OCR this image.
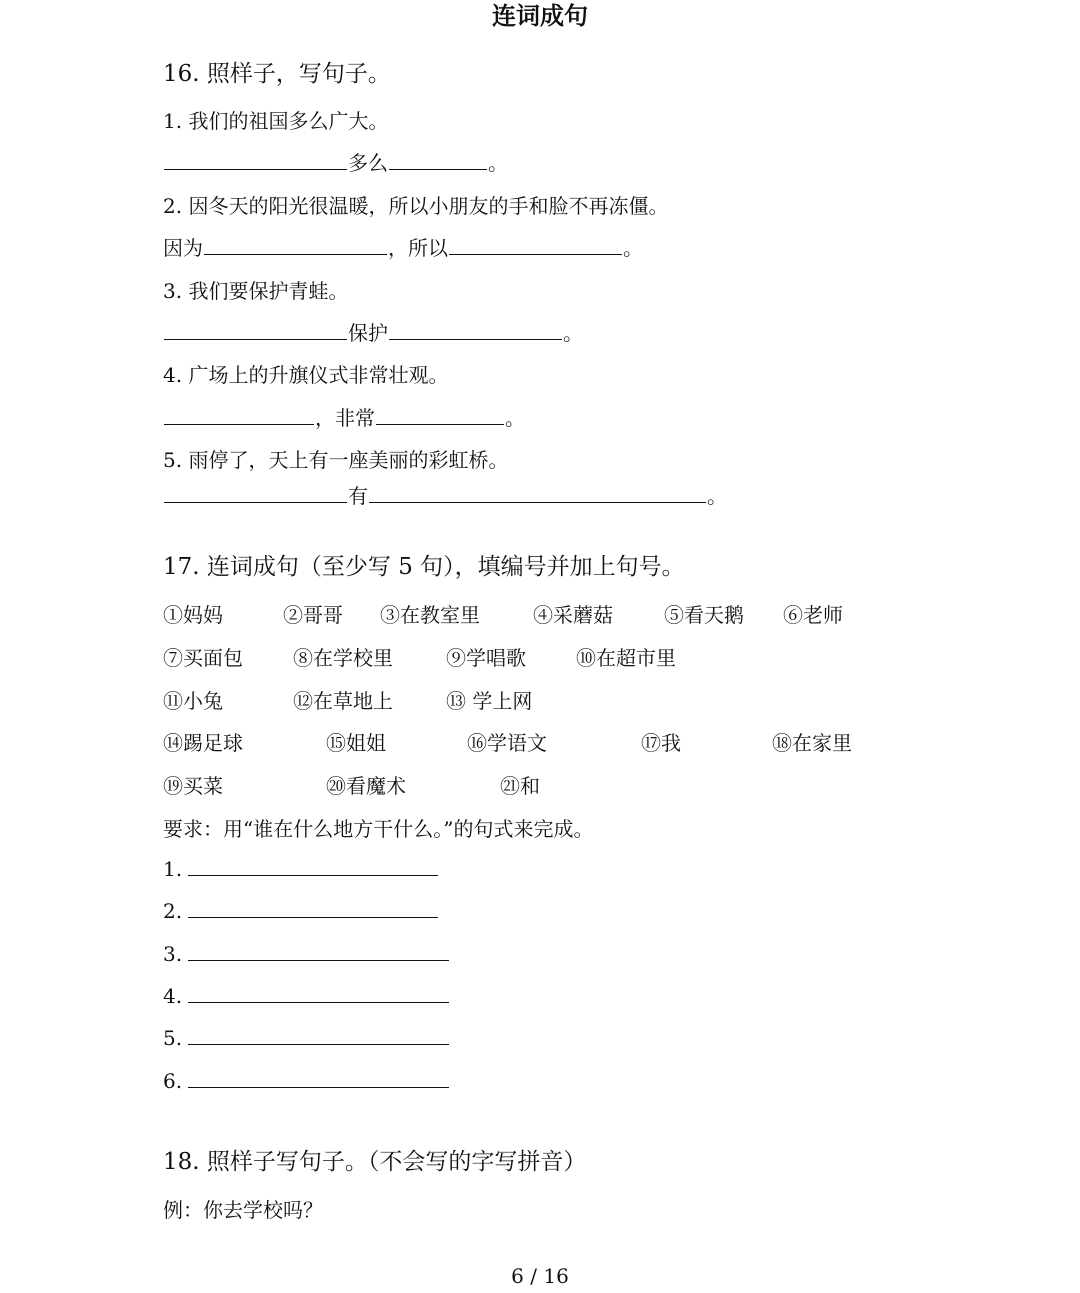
连词成句
16. 照样子，写句子。
1. 我们的祖国多么广大。
多么	。
2. 因冬天的阳光很温暖，所以小朋友的手和脸不再冻僵。
因为	，所以	。
3. 我们要保护青蛙。
保护	。
4. 广场上的升旗仪式非常壮观。
，非常	。
5. 雨停了，天上有一座美丽的彩虹桥。
有	。
17. 连词成句（至少写 5 句），填编号并加上句号。
①妈妈	②哥哥 ③在教室里	④采蘑菇	⑤看天鹅 ⑥老师
⑦买面包	⑧在学校里	⑨学唱歌	⑩在超市里
⑪小兔	⑫在草地上	⑬ 学上网
⑭踢足球	⑮姐姐	⑯学语文	⑰我	⑱在家里
⑲买菜	⑳看魔术	㉑和
要求：用“谁在什么地方干什么。”的句式来完成。
1.
2.
3.
4.
5.
6.
18. 照样子写句子。（不会写的字写拼音）
例：你去学校吗？
6 / 16
